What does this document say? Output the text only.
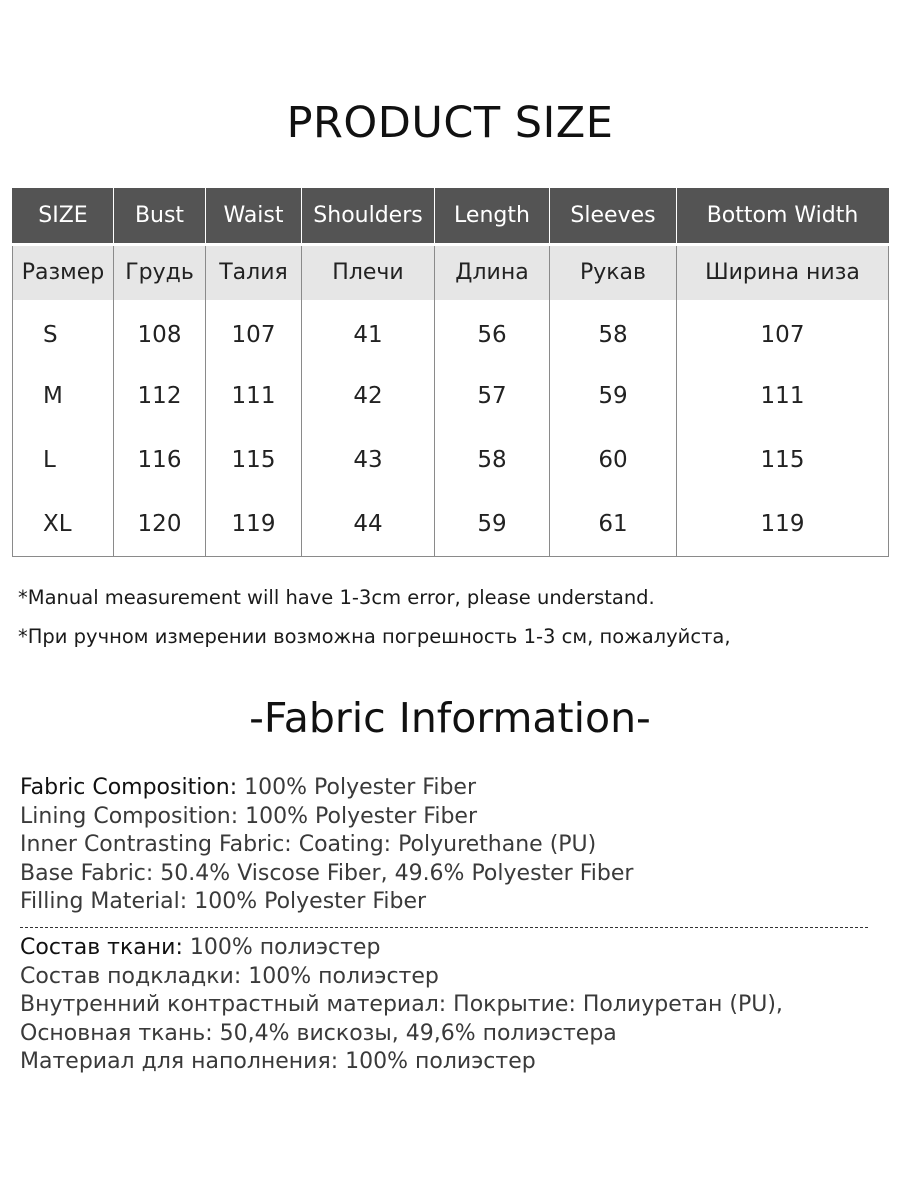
PRODUCT SIZE
SIZE	Bust	Waist	Shoulders	Length	Sleeves	Bottom Width
Размер	Грудь	Талия	Плечи	Длина	Рукав	Ширина низа
S	108	107	41	56	58	107
M	112	111	42	57	59	111
L	116	115	43	58	60	115
XL	120	119	44	59	61	119
*Manual measurement will have 1-3cm error, please understand.
*При ручном измерении возможна погрешность 1-3 см, пожалуйста,
-Fabric Information-
Fabric Composition: 100% Polyester Fiber
Lining Composition: 100% Polyester Fiber
Inner Contrasting Fabric: Coating: Polyurethane (PU)
Base Fabric: 50.4% Viscose Fiber, 49.6% Polyester Fiber
Filling Material: 100% Polyester Fiber
Состав ткани: 100% полиэстер
Состав подкладки: 100% полиэстер
Внутренний контрастный материал: Покрытие: Полиуретан (PU),
Основная ткань: 50,4% вискозы, 49,6% полиэстера
Материал для наполнения: 100% полиэстер
